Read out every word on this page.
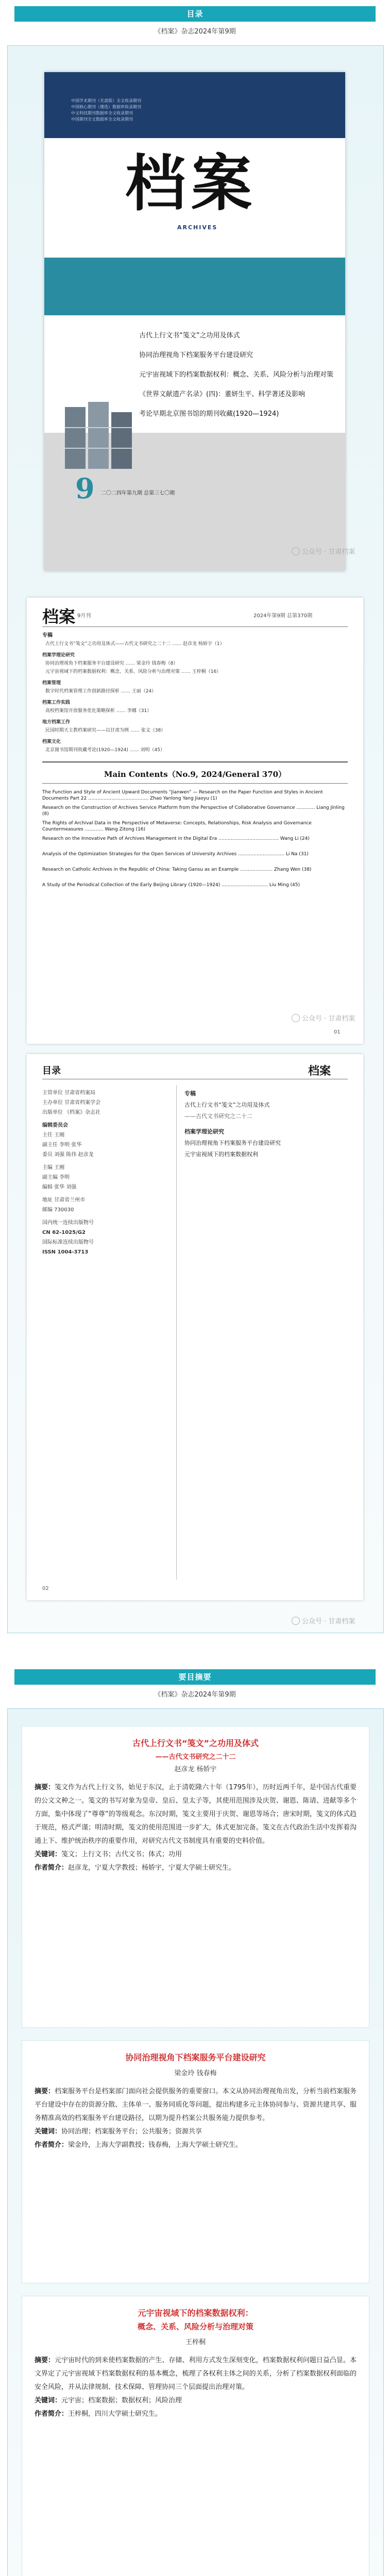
目录
《档案》杂志2024年第9期
中国学术期刊（光盘版）全文收录期刊
中国核心期刊（遴选）数据库收录期刊
中文科技期刊数据库全文收录期刊
中国期刊全文数据库全文收录期刊
档案
ARCHIVES
古代上行文书“笺文”之功用及体式
协同治理视角下档案服务平台建设研究
元宇宙视域下的档案数据权利：概念、关系、风险分析与治理对策
《世界文献遗产名录》(四)：董妍生平、科学著述及影响
考论早期北京图书馆的期刊收藏(1920—1924)
9 二〇二四年第九期 总第三七〇期
公众号 · 甘肃档案
档案 9月刊	2024年第9期 总第370期
专稿
古代上行文书“笺文”之功用及体式——古代文书研究之二十二 …… 赵彦龙 杨娇宇（1）
档案学理论研究
协同治理视角下档案服务平台建设研究 …… 梁金玲 钱春梅（8）
元宇宙视域下的档案数据权利：概念、关系、风险分析与治理对策 …… 王梓桐（16）
档案管理
数字时代档案管理工作创新路径探析 …… 王丽（24）
档案工作实践
高校档案馆开放服务优化策略探析 …… 李娜（31）
地方档案工作
民国时期天主教档案研究——以甘肃为例 …… 张文（38）
档案文化
北京图书馆期刊收藏考论(1920—1924) …… 刘明（45）
Main Contents（No.9, 2024/General 370）
The Function and Style of Ancient Upward Documents “Jianwen” — Research on the Paper Function and Styles in Ancient Documents Part 22 ………………………………… Zhao Yanlong Yang Jiaoyu (1)
Research on the Construction of Archives Service Platform from the Perspective of Collaborative Governance ………… Liang Jinling (8)
The Rights of Archival Data in the Perspective of Metaverse: Concepts, Relationships, Risk Analysis and Governance Countermeasures ………… Wang Zitong (16)
Research on the Innovative Path of Archives Management in the Digital Era ………………………………… Wang Li (24)
Analysis of the Optimization Strategies for the Open Services of University Archives ………………………… Li Na (31)
Research on Catholic Archives in the Republic of China: Taking Gansu as an Example ………………… Zhang Wen (38)
A Study of the Periodical Collection of the Early Beijing Library (1920—1924) ………………………… Liu Ming (45)
01
公众号 · 甘肃档案
目录	档案
主管单位 甘肃省档案局
主办单位 甘肃省档案学会
出版单位 《档案》杂志社
编辑委员会
主任 王刚
副主任 李明 张华
委员 刘强 陈伟 赵彦龙
主编 王刚
副主编 李明
编辑 张华 刘强
地址 甘肃省兰州市
邮编 730030
国内统一连续出版物号
CN 62-1025/G2
国际标准连续出版物号
ISSN 1004-3713
专稿
古代上行文书“笺文”之功用及体式
——古代文书研究之二十二
档案学理论研究
协同治理视角下档案服务平台建设研究
元宇宙视域下的档案数据权利
02
公众号 · 甘肃档案
要目摘要
《档案》杂志2024年第9期
古代上行文书“笺文”之功用及体式
——古代文书研究之二十二
赵彦龙 杨娇宇
摘要：笺文作为古代上行文书，始见于东汉，止于清乾隆六十年（1795年），历时近两千年，是中国古代重要的公文文种之一。笺文的书写对象为皇帝、皇后、皇太子等，其使用范围涉及庆贺、谢恩、陈请、进献等多个方面，集中体现了“尊尊”的等级观念。东汉时期，笺文主要用于庆贺、谢恩等场合；唐宋时期，笺文的体式趋于规范，格式严谨；明清时期，笺文的使用范围进一步扩大，体式更加完备。笺文在古代政治生活中发挥着沟通上下、维护统治秩序的重要作用，对研究古代文书制度具有重要的史料价值。
关键词：笺文；上行文书；古代文书；体式；功用
作者简介：赵彦龙，宁夏大学教授；杨娇宇，宁夏大学硕士研究生。
协同治理视角下档案服务平台建设研究
梁金玲 钱春梅
摘要：档案服务平台是档案部门面向社会提供服务的重要窗口。本文从协同治理视角出发，分析当前档案服务平台建设中存在的资源分散、主体单一、服务同质化等问题，提出构建多元主体协同参与、资源共建共享、服务精准高效的档案服务平台建设路径，以期为提升档案公共服务能力提供参考。
关键词：协同治理；档案服务平台；公共服务；资源共享
作者简介：梁金玲，上海大学副教授；钱春梅，上海大学硕士研究生。
元宇宙视域下的档案数据权利：
概念、关系、风险分析与治理对策
王梓桐
摘要：元宇宙时代的到来使档案数据的产生、存储、利用方式发生深刻变化，档案数据权利问题日益凸显。本文界定了元宇宙视域下档案数据权利的基本概念，梳理了各权利主体之间的关系，分析了档案数据权利面临的安全风险，并从法律规制、技术保障、管理协同三个层面提出治理对策。
关键词：元宇宙；档案数据；数据权利；风险治理
作者简介：王梓桐，四川大学硕士研究生。
